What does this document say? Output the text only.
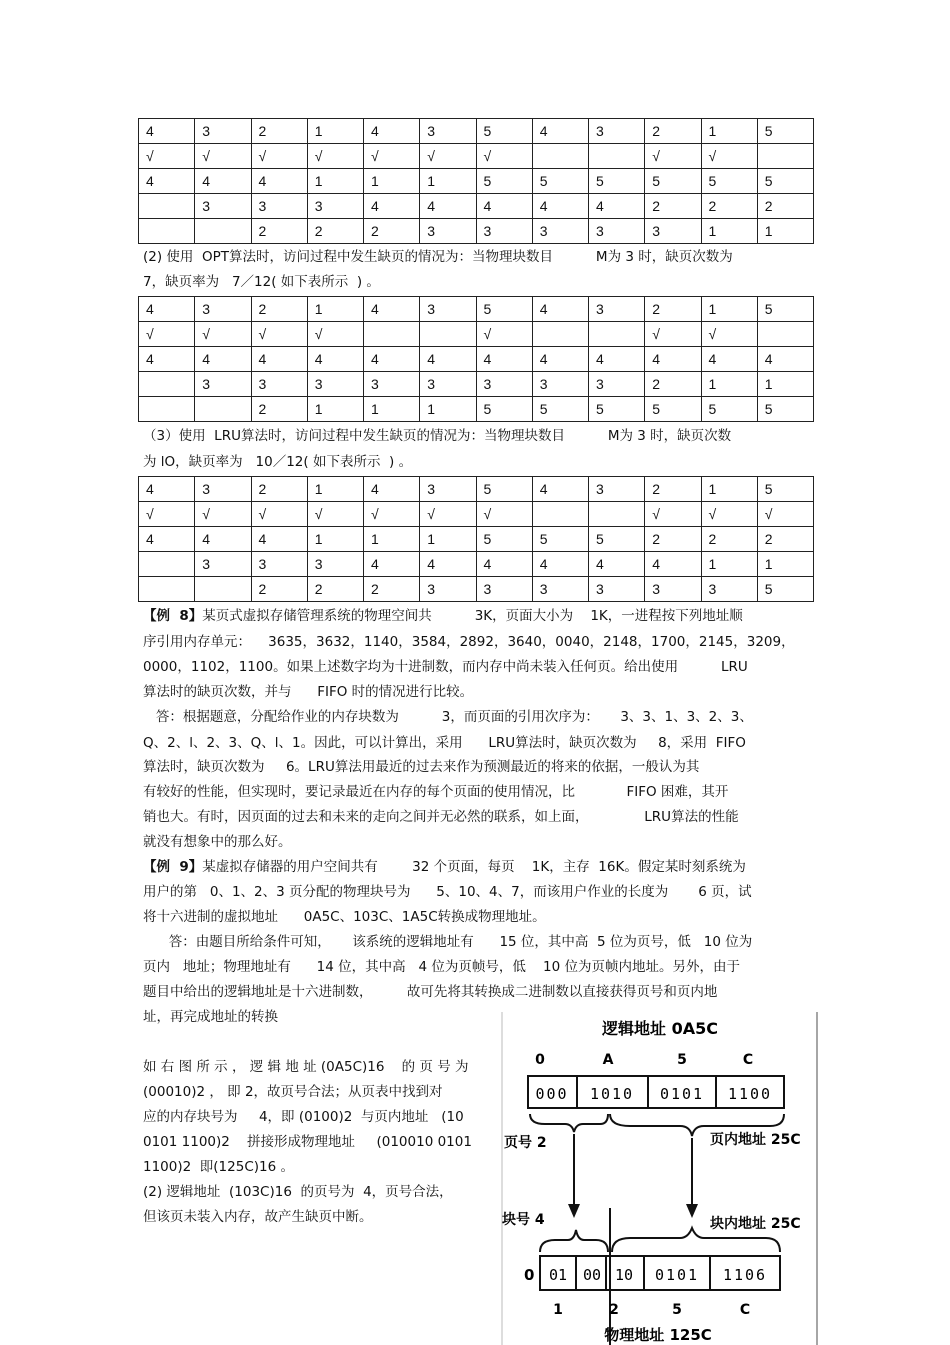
4	3	2	1	4	3	5	4	3	2	1	5
√	√	√	√	√	√	√			√	√	
4	4	4	1	1	1	5	5	5	5	5	5
	3	3	3	4	4	4	4	4	2	2	2
		2	2	2	3	3	3	3	3	1	1
(2) 使用  OPT算法时，访问过程中发生缺页的情况为：当物理块数目          M为 3 时，缺页次数为
7，缺页率为   7／12( 如下表所示  ) 。
4	3	2	1	4	3	5	4	3	2	1	5
√	√	√	√			√			√	√	
4	4	4	4	4	4	4	4	4	4	4	4
	3	3	3	3	3	3	3	3	2	1	1
		2	1	1	1	5	5	5	5	5	5
（3）使用  LRU算法时，访问过程中发生缺页的情况为：当物理块数目          M为 3 时，缺页次数
为 lO，缺页率为   10／12( 如下表所示  ) 。
4	3	2	1	4	3	5	4	3	2	1	5
√	√	√	√	√	√	√			√	√	√
4	4	4	1	1	1	5	5	5	2	2	2
	3	3	3	4	4	4	4	4	4	1	1
		2	2	2	3	3	3	3	3	3	5
【例  8】某页式虚拟存储管理系统的物理空间共          3K，页面大小为    1K，一进程按下列地址顺
序引用内存单元：    3635，3632，1140，3584，2892，3640，0040，2148，1700，2145，3209，
0000，1102，1100。如果上述数字均为十进制数，而内存中尚未装入任何页。给出使用          LRU
算法时的缺页次数，并与      FIFO 时的情况进行比较。
答：根据题意，分配给作业的内存块数为          3，而页面的引用次序为：     3、3、1、3、2、3、
Q、2、l、2、3、Q、l、1。因此，可以计算出，采用      LRU算法时，缺页次数为     8，采用  FIFO
算法时，缺页次数为     6。LRU算法用最近的过去来作为预测最近的将来的依据，一般认为其
有较好的性能，但实现时，要记录最近在内存的每个页面的使用情况，比            FIFO 困难，其开
销也大。有时，因页面的过去和未来的走向之间并无必然的联系，如上面，             LRU算法的性能
就没有想象中的那么好。
【例  9】某虚拟存储器的用户空间共有        32 个页面，每页    1K，主存  16K。假定某时刻系统为
用户的第   0、1、2、3 页分配的物理块号为      5、10、4、7，而该用户作业的长度为       6 页，试
将十六进制的虚拟地址      0A5C、103C、1A5C转换成物理地址。
答：由题目所给条件可知，     该系统的逻辑地址有      15 位，其中高  5 位为页号，低   10 位为
页内   地址；物理地址有      14 位，其中高   4 位为页帧号，低    10 位为页帧内地址。另外，由于
题目中给出的逻辑地址是十六进制数，        故可先将其转换成二进制数以直接获得页号和页内地
址，再完成地址的转换
如 右 图 所 示 ， 逻 辑 地 址 (0A5C)16    的 页 号 为
(00010)2 ， 即 2，故页号合法；从页表中找到对
应的内存块号为     4，即 (0100)2  与页内地址   (10
0101 1100)2    拼接形成物理地址     (010010 0101
1100)2  即(125C)16 。
(2) 逻辑地址  (103C)16  的页号为  4，页号合法，
但该页未装入内存，故产生缺页中断。
逻辑地址 0A5C
0	A	5	C
000 1010 0101 1100
页号 2	页内地址 25C
块号 4	块内地址 25C
0 01 00 10 0101 1106
1	2	5	C
物理地址 125C
